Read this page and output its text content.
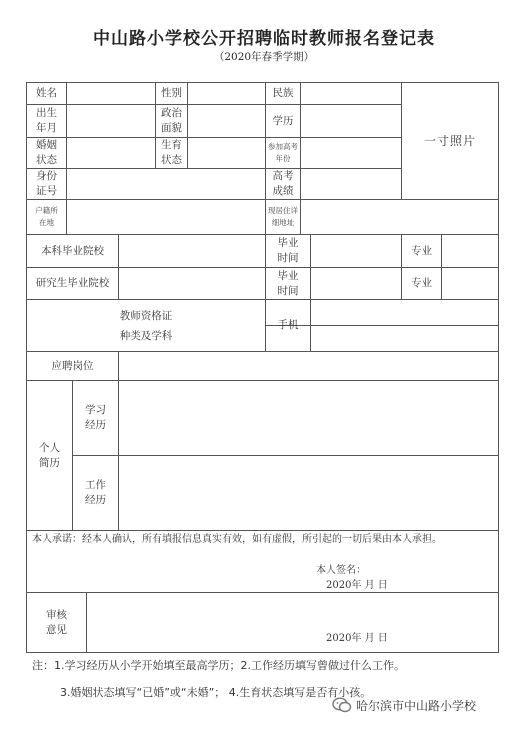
中山路小学校公开招聘临时教师报名登记表
（2020年春季学期）
姓名	性别	民族
一寸照片
出生
年月
政治
面貌
学历
婚姻
状态
生育
状态
参加高考
年份
身份
证号
高考
成绩
户籍所
在地
现居住详
细地址
本科毕业院校
毕业
时间
专业
研究生毕业院校
毕业
时间
专业
教师资格证
种类及学科
手机
应聘岗位
个人
简历
学习
经历
工作
经历
本人承诺：经本人确认，所有填报信息真实有效，如有虚假，所引起的一切后果由本人承担。
本人签名：
2020年 月 日
审核
意见
2020年 月 日
注：1.学习经历从小学开始填至最高学历；2.工作经历填写曾做过什么工作。
3.婚姻状态填写“已婚”或“未婚”； 4.生育状态填写是否有小孩。
哈尔滨市中山路小学校
